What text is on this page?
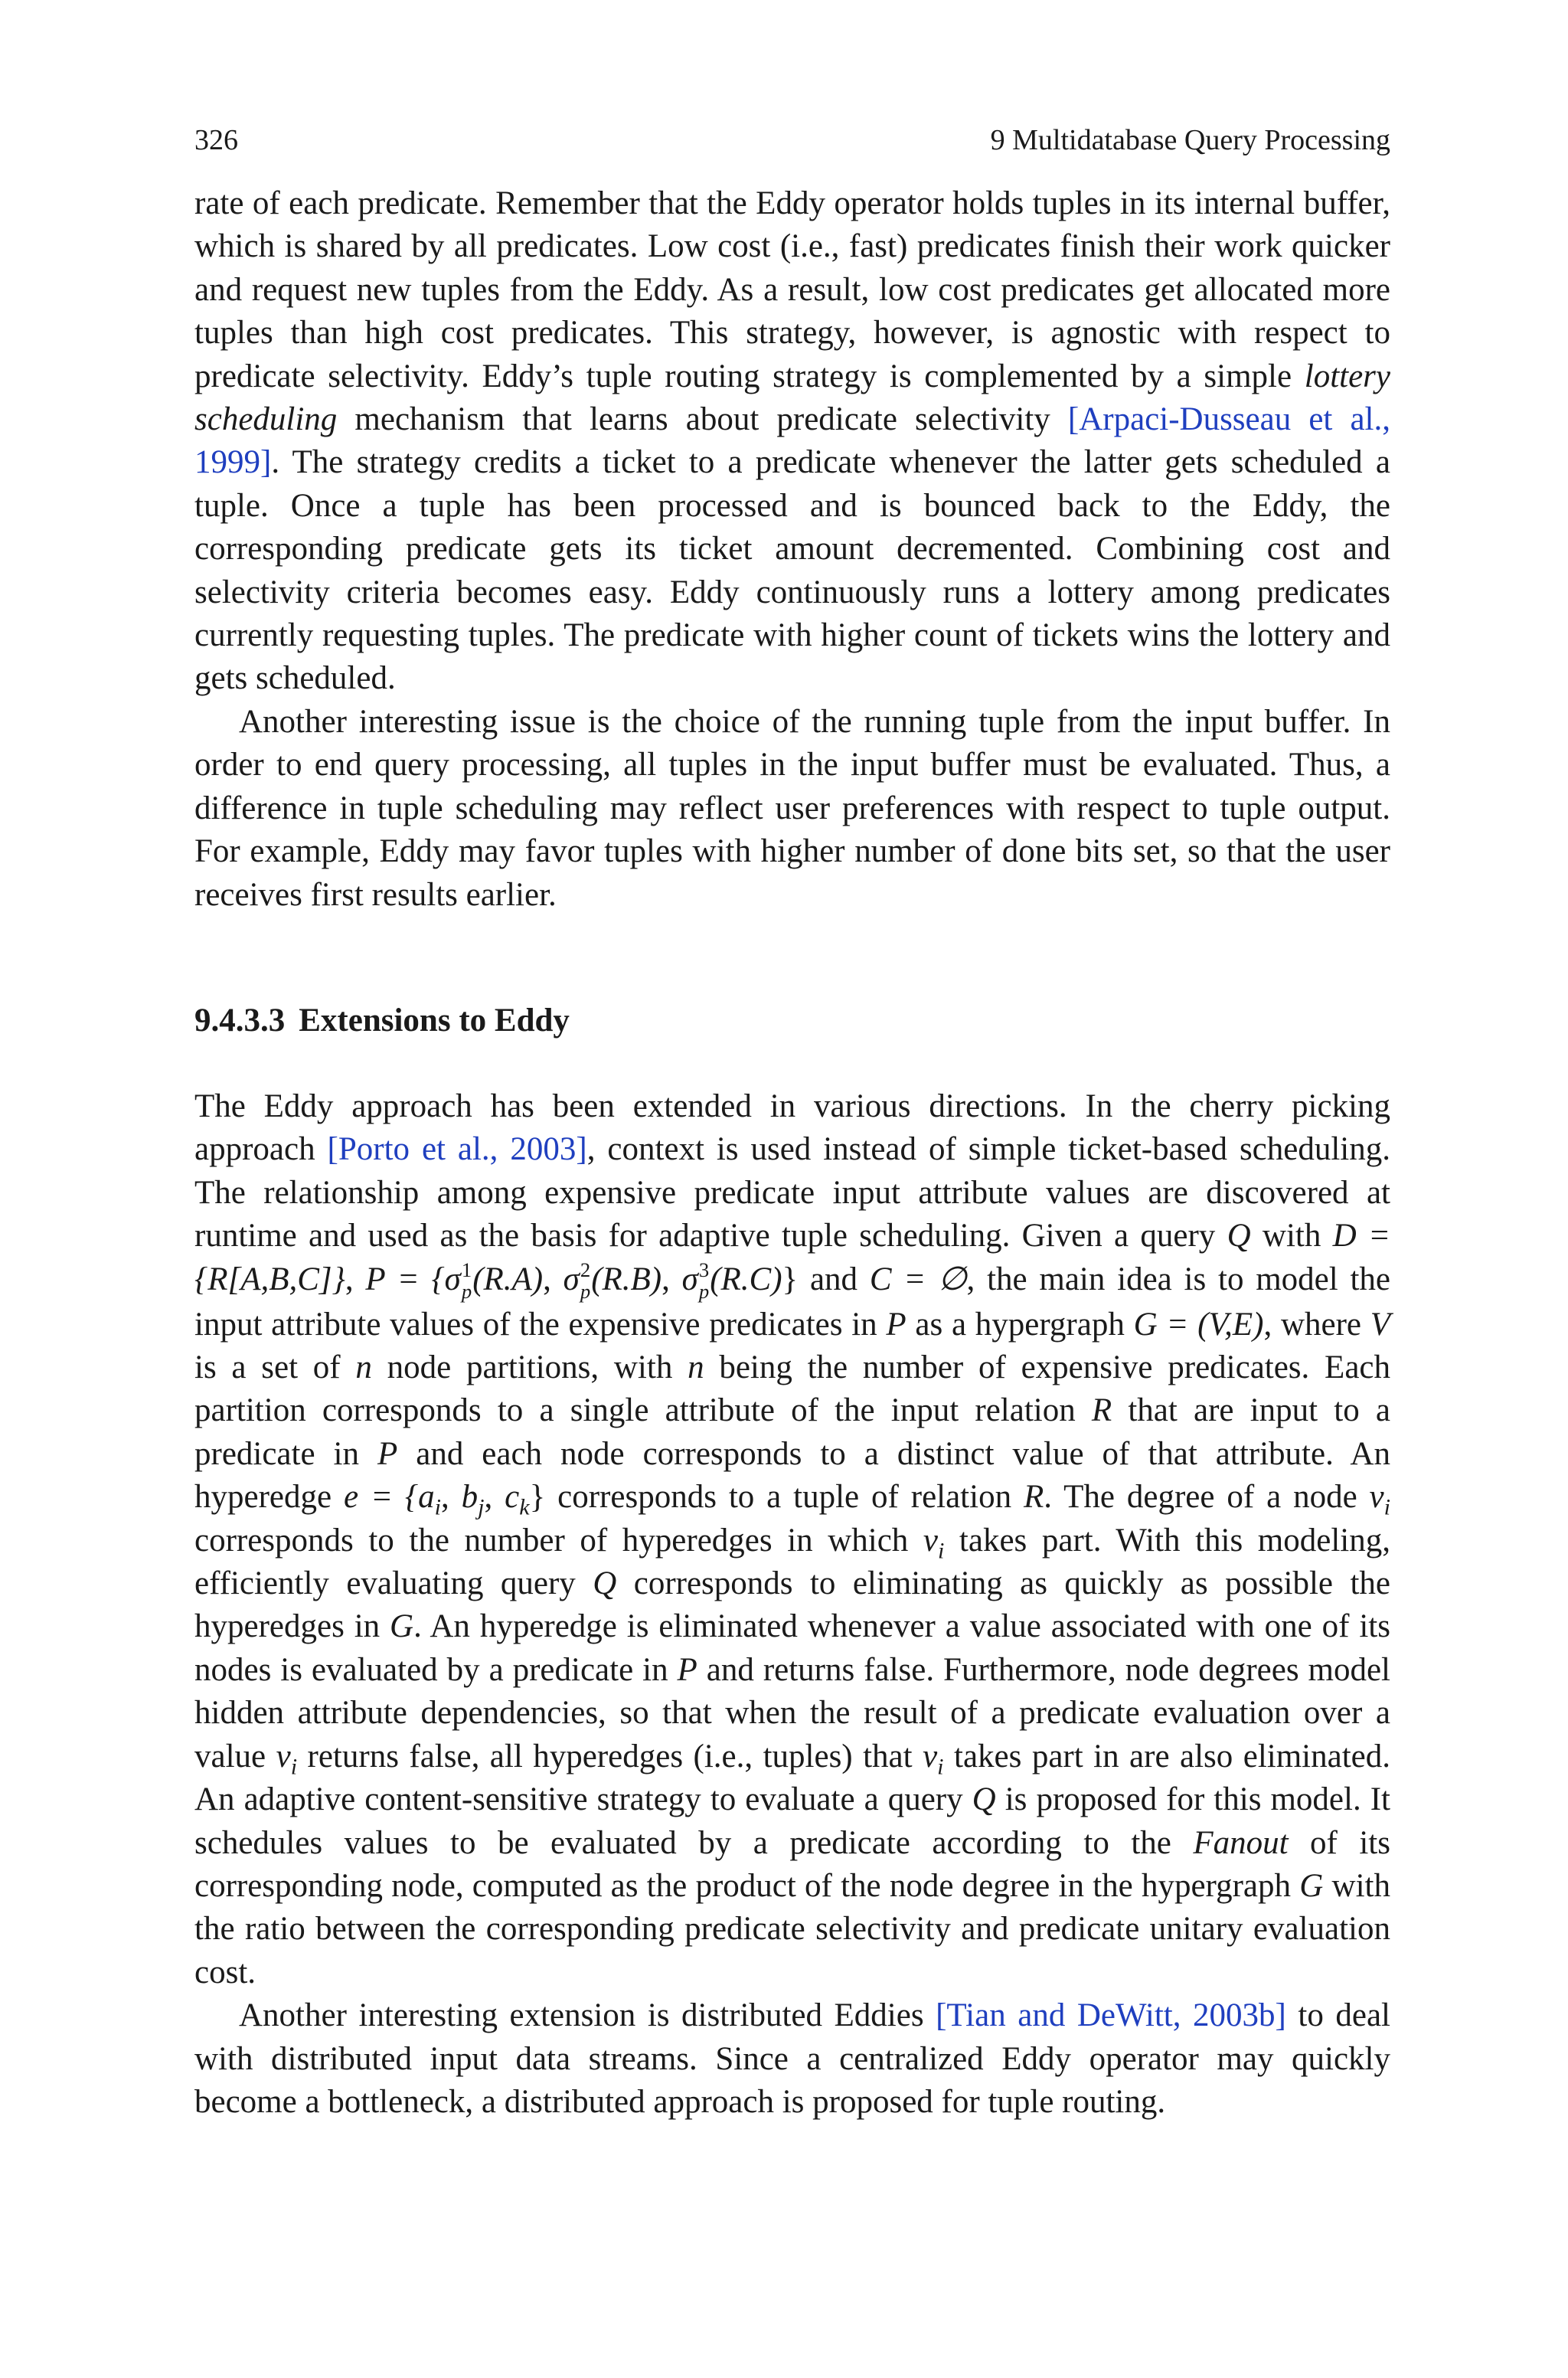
326	9 Multidatabase Query Processing

rate of each predicate. Remember that the Eddy operator holds tuples in its internal buffer, which is shared by all predicates. Low cost (i.e., fast) predicates finish their work quicker and request new tuples from the Eddy. As a result, low cost predicates get allocated more tuples than high cost predicates. This strategy, however, is agnostic with respect to predicate selectivity. Eddy’s tuple routing strategy is complemented by a simple lottery scheduling mechanism that learns about predicate selectivity [Arpaci-Dusseau et al., 1999]. The strategy credits a ticket to a predicate whenever the latter gets scheduled a tuple. Once a tuple has been processed and is bounced back to the Eddy, the corresponding predicate gets its ticket amount decremented. Combining cost and selectivity criteria becomes easy. Eddy continuously runs a lottery among predicates currently requesting tuples. The predicate with higher count of tickets wins the lottery and gets scheduled.

Another interesting issue is the choice of the running tuple from the input buffer. In order to end query processing, all tuples in the input buffer must be evaluated. Thus, a difference in tuple scheduling may reflect user preferences with respect to tuple output. For example, Eddy may favor tuples with higher number of done bits set, so that the user receives first results earlier.

9.4.3.3 Extensions to Eddy

The Eddy approach has been extended in various directions. In the cherry picking approach [Porto et al., 2003], context is used instead of simple ticket-based scheduling. The relationship among expensive predicate input attribute values are discovered at runtime and used as the basis for adaptive tuple scheduling. Given a query Q with D = {R[A,B,C]}, P = {σ 1
p (R.A), σ 2
p (R.B), σ 3
p (R.C)} and C = ∅, the main idea is to model the input attribute values of the expensive predicates in P as a hypergraph G = (V,E), where V is a set of n node partitions, with n being the number of expensive predicates. Each partition corresponds to a single attribute of the input relation R that are input to a predicate in P and each node corresponds to a distinct value of that attribute. An hyperedge $e = \{a_i$, $b_j$, $c_k$} corresponds to a tuple of relation R. The degree of a node $v_i$ corresponds to the number of hyperedges in which $v_i$ takes part. With this modeling, efficiently evaluating query Q corresponds to eliminating as quickly as possible the hyperedges in G. An hyperedge is eliminated whenever a value associated with one of its nodes is evaluated by a predicate in P and returns false. Furthermore, node degrees model hidden attribute dependencies, so that when the result of a predicate evaluation over a value $v_i$ returns false, all hyperedges (i.e., tuples) that $v_i$ takes part in are also eliminated. An adaptive content-sensitive strategy to evaluate a query Q is proposed for this model. It schedules values to be evaluated by a predicate according to the Fanout of its corresponding node, computed as the product of the node degree in the hypergraph G with the ratio between the corresponding predicate selectivity and predicate unitary evaluation cost.

Another interesting extension is distributed Eddies [Tian and DeWitt, 2003b] to deal with distributed input data streams. Since a centralized Eddy operator may quickly become a bottleneck, a distributed approach is proposed for tuple routing.
